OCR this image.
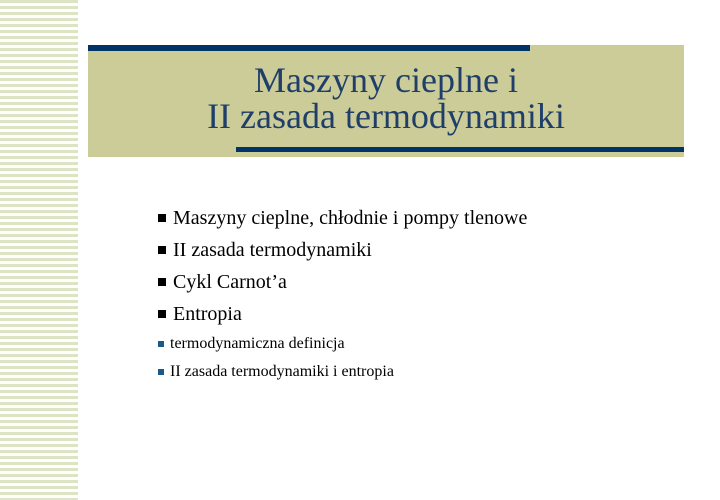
Maszyny cieplne i
II zasada termodynamiki
Maszyny cieplne, chłodnie i pompy tlenowe
II zasada termodynamiki
Cykl Carnot’a
Entropia
termodynamiczna definicja
II zasada termodynamiki i entropia
